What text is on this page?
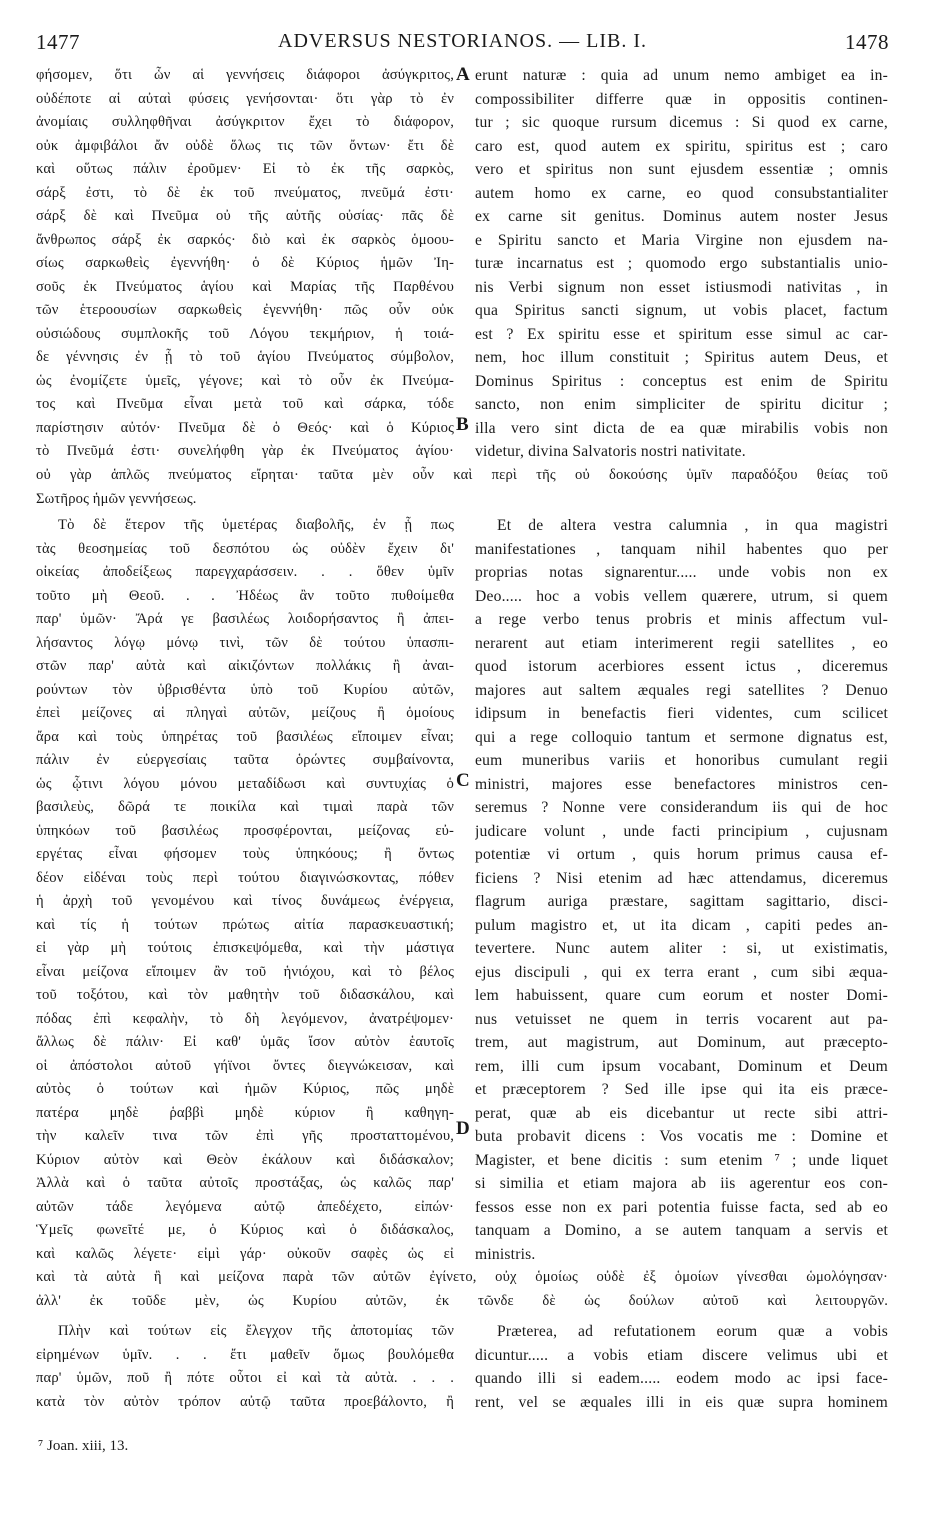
1477	ADVERSUS NESTORIANOS. — LIB. I.	1478
φήσομεν, ὅτι ὧν αἱ γεννήσεις διάφοροι ἀσύγκριτος,
οὐδέποτε αἱ αὐταὶ φύσεις γενήσονται· ὅτι γὰρ τὸ ἐν
ἀνομίαις συλληφθῆναι ἀσύγκριτον ἔχει τὸ διάφορον,
οὐκ ἀμφιβάλοι ἄν οὐδὲ ὅλως τις τῶν ὄντων· ἔτι δὲ
καὶ οὕτως πάλιν ἐροῦμεν· Εἰ τὸ ἐκ τῆς σαρκὸς,
σάρξ ἐστι, τὸ δὲ ἐκ τοῦ πνεύματος, πνεῦμά ἐστι·
σάρξ δὲ καὶ Πνεῦμα οὐ τῆς αὐτῆς οὐσίας· πᾶς δὲ
ἄνθρωπος σάρξ ἐκ σαρκός· διὸ καὶ ἐκ σαρκὸς ὁμοου-
σίως σαρκωθεὶς ἐγεννήθη· ὁ δὲ Κύριος ἡμῶν Ἰη-
σοῦς ἐκ Πνεύματος ἁγίου καὶ Μαρίας τῆς Παρθένου
τῶν ἑτεροουσίων σαρκωθεὶς ἐγεννήθη· πῶς οὖν οὐκ
οὐσιώδους συμπλοκῆς τοῦ Λόγου τεκμήριον, ἡ τοιά-
δε γέννησις ἐν ᾗ τὸ τοῦ ἁγίου Πνεύματος σύμβολον,
ὡς ἐνομίζετε ὑμεῖς, γέγονε; καὶ τὸ οὖν ἐκ Πνεύμα-
τος καὶ Πνεῦμα εἶναι μετὰ τοῦ καὶ σάρκα, τόδε
παρίστησιν αὐτόν· Πνεῦμα δὲ ὁ Θεός· καὶ ὁ Κύριος
τὸ Πνεῦμά ἐστι· συνελήφθη γὰρ ἐκ Πνεύματος ἁγίου·
erunt naturæ : quia ad unum nemo ambiget ea in-
compossibiliter differre quæ in oppositis continen-
tur ; sic quoque rursum dicemus : Si quod ex carne,
caro est, quod autem ex spiritu, spiritus est ; caro
vero et spiritus non sunt ejusdem essentiæ ; omnis
autem homo ex carne, eo quod consubstantialiter
ex carne sit genitus. Dominus autem noster Jesus
e Spiritu sancto et Maria Virgine non ejusdem na-
turæ incarnatus est ; quomodo ergo substantialis unio-
nis Verbi signum non esset istiusmodi nativitas , in
qua Spiritus sancti signum, ut vobis placet, factum
est ? Ex spiritu esse et spiritum esse simul ac car-
nem, hoc illum constituit ; Spiritus autem Deus, et
Dominus Spiritus : conceptus est enim de Spiritu
sancto, non enim simpliciter de spiritu dicitur ;
illa vero sint dicta de ea quæ mirabilis vobis non
videtur, divina Salvatoris nostri nativitate.
οὐ γὰρ ἁπλῶς πνεύματος εἴρηται· ταῦτα μὲν οὖν καὶ περὶ τῆς οὐ δοκούσης ὑμῖν παραδόξου θείας τοῦ
Σωτῆρος ἡμῶν γεννήσεως.
Τὸ δὲ ἕτερον τῆς ὑμετέρας διαβολῆς, ἐν ᾗ πως
τὰς θεοσημείας τοῦ δεσπότου ὡς οὐδὲν ἔχειν δι'
οἰκείας ἀποδείξεως παρεγχαράσσειν. . . ὅθεν ὑμῖν
τοῦτο μὴ Θεοῦ. . . Ἠδέως ἂν τοῦτο πυθοίμεθα
παρ' ὑμῶν· Ἄρά γε βασιλέως λοιδορήσαντος ἢ ἀπει-
λήσαντος λόγῳ μόνῳ τινὶ, τῶν δὲ τούτου ὑπασπι-
στῶν παρ' αὐτὰ καὶ αἰκιζόντων πολλάκις ἢ ἀναι-
ρούντων τὸν ὑβρισθέντα ὑπὸ τοῦ Κυρίου αὐτῶν,
ἐπεὶ μείζονες αἱ πληγαὶ αὐτῶν, μείζους ἢ ὁμοίους
ἄρα καὶ τοὺς ὑπηρέτας τοῦ βασιλέως εἴποιμεν εἶναι;
πάλιν ἐν εὐεργεσίαις ταῦτα ὁρώντες συμβαίνοντα,
ὡς ᾧτινι λόγου μόνου μεταδίδωσι καὶ συντυχίας ὁ
βασιλεὺς, δῶρά τε ποικίλα καὶ τιμαὶ παρὰ τῶν
ὑπηκόων τοῦ βασιλέως προσφέρονται, μείζονας εὐ-
εργέτας εἶναι φήσομεν τοὺς ὑπηκόους; ἢ ὄντως
δέον εἰδέναι τοὺς περὶ τούτου διαγινώσκοντας, πόθεν
ἡ ἀρχὴ τοῦ γενομένου καὶ τίνος δυνάμεως ἐνέργεια,
καὶ τίς ἡ τούτων πρώτως αἰτία παρασκευαστική;
εἰ γὰρ μὴ τούτοις ἐπισκεψόμεθα, καὶ τὴν μάστιγα
εἶναι μείζονα εἴποιμεν ἂν τοῦ ἡνιόχου, καὶ τὸ βέλος
τοῦ τοξότου, καὶ τὸν μαθητὴν τοῦ διδασκάλου, καὶ
πόδας ἐπὶ κεφαλὴν, τὸ δὴ λεγόμενον, ἀνατρέψομεν·
ἄλλως δὲ πάλιν· Εἰ καθ' ὑμᾶς ἴσον αὐτὸν ἑαυτοῖς
οἱ ἀπόστολοι αὐτοῦ γήϊνοι ὄντες διεγνώκεισαν, καὶ
αὐτὸς ὁ τούτων καὶ ἡμῶν Κύριος, πῶς μηδὲ
πατέρα μηδὲ ῥαββὶ μηδὲ κύριον ἢ καθηγη-
τὴν καλεῖν τινα τῶν ἐπὶ γῆς προσταττομένου,
Κύριον αὐτὸν καὶ Θεὸν ἐκάλουν καὶ διδάσκαλον;
Ἀλλὰ καὶ ὁ ταῦτα αὐτοῖς προστάξας, ὡς καλῶς παρ'
αὐτῶν τάδε λεγόμενα αὐτῷ ἀπεδέχετο, εἰπών·
Ὑμεῖς φωνεῖτέ με, ὁ Κύριος καὶ ὁ διδάσκαλος,
καὶ καλῶς λέγετε· εἰμὶ γάρ· οὐκοῦν σαφὲς ὡς εἰ
Et de altera vestra calumnia , in qua magistri
manifestationes , tanquam nihil habentes quo per
proprias notas signarentur..... unde vobis non ex
Deo..... hoc a vobis vellem quærere, utrum, si quem
a rege verbo tenus probris et minis affectum vul-
nerarent aut etiam interimerent regii satellites , eo
quod istorum acerbiores essent ictus , diceremus
majores aut saltem æquales regi satellites ? Denuo
idipsum in benefactis fieri videntes, cum scilicet
qui a rege colloquio tantum et sermone dignatus est,
eum muneribus variis et honoribus cumulant regii
ministri, majores esse benefactores ministros cen-
seremus ? Nonne vere considerandum iis qui de hoc
judicare volunt , unde facti principium , cujusnam
potentiæ vi ortum , quis horum primus causa ef-
ficiens ? Nisi etenim ad hæc attendamus, diceremus
flagrum auriga præstare, sagittam sagittario, disci-
pulum magistro et, ut ita dicam , capiti pedes an-
tevertere. Nunc autem aliter : si, ut existimatis,
ejus discipuli , qui ex terra erant , cum sibi æqua-
lem habuissent, quare cum eorum et noster Domi-
nus vetuisset ne quem in terris vocarent aut pa-
trem, aut magistrum, aut Dominum, aut præcepto-
rem, illi cum ipsum vocabant, Dominum et Deum
et præceptorem ? Sed ille ipse qui ita eis præce-
perat, quæ ab eis dicebantur ut recte sibi attri-
buta probavit dicens : Vos vocatis me : Domine et
Magister, et bene dicitis : sum etenim ⁷ ; unde liquet
si similia et etiam majora ab iis agerentur eos con-
fessos esse non ex pari potentia fuisse facta, sed ab eo
tanquam a Domino, a se autem tanquam a servis et
ministris.
καὶ τὰ αὐτὰ ἢ καὶ μείζονα παρὰ τῶν αὐτῶν ἐγίνετο, οὐχ ὁμοίως οὐδὲ ἐξ ὁμοίων γίνεσθαι ὡμολόγησαν·
ἀλλ' ἐκ τοῦδε μὲν, ὡς Κυρίου αὐτῶν, ἐκ τῶνδε δὲ ὡς δούλων αὐτοῦ καὶ λειτουργῶν.
Πλὴν καὶ τούτων εἰς ἔλεγχον τῆς ἀποτομίας τῶν
εἰρημένων ὑμῖν. . . ἔτι μαθεῖν ὅμως βουλόμεθα
παρ' ὑμῶν, ποῦ ἢ πότε οὗτοι εἰ καὶ τὰ αὐτὰ. . . .
κατὰ τὸν αὐτὸν τρόπον αὐτῷ ταῦτα προεβάλοντο, ἢ
Præterea, ad refutationem eorum quæ a vobis
dicuntur..... a vobis etiam discere velimus ubi et
quando illi si eadem..... eodem modo ac ipsi face-
rent, vel se æquales illi in eis quæ supra hominem
A
B
C
D
⁷ Joan. xiii, 13.
